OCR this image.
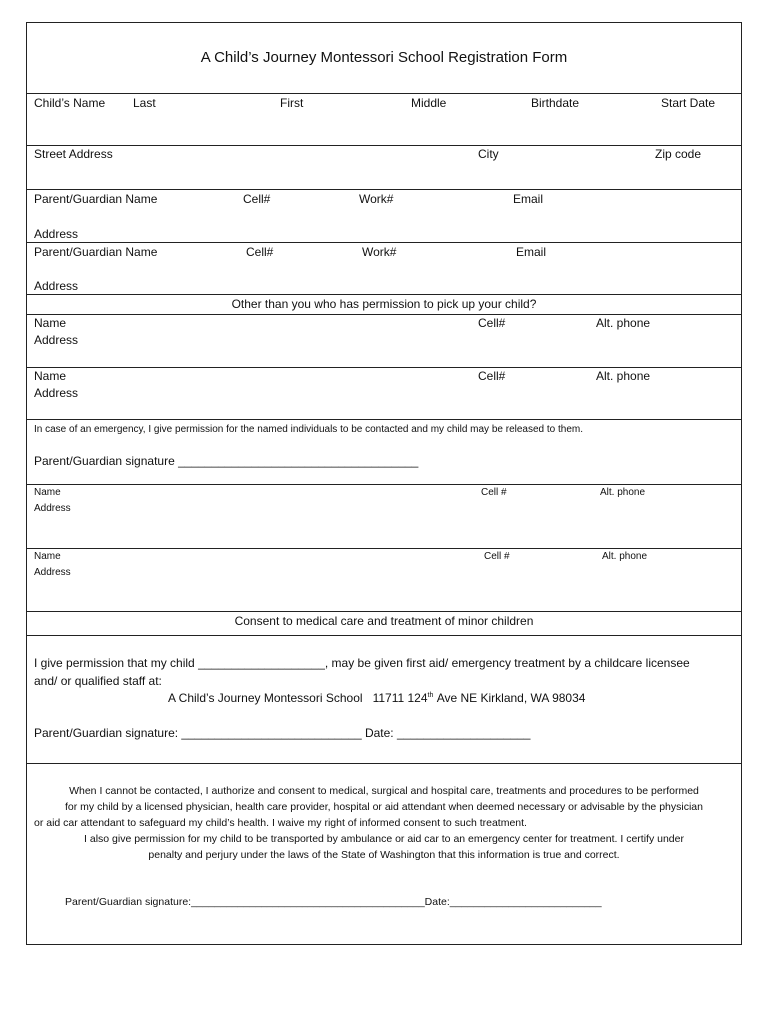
A Child’s Journey Montessori School Registration Form
Child’s Name Last	First	Middle	Birthdate	Start Date
Street Address	City	Zip code
Parent/Guardian Name	Cell#	Work#	Email
Address
Parent/Guardian Name	Cell#	Work#	Email
Address
Other than you who has permission to pick up your child?
Name	Cell#	Alt. phone
Address
Name	Cell#	Alt. phone
Address
In case of an emergency, I give permission for the named individuals to be contacted and my child may be released to them.
Parent/Guardian signature ____________________________________
Name	Cell #	Alt. phone
Address
Name	Cell #	Alt. phone
Address
Consent to medical care and treatment of minor children
I give permission that my child ___________________, may be given first aid/ emergency treatment by a childcare licensee
and/ or qualified staff at:
A Child’s Journey Montessori School 11711 124th Ave NE Kirkland, WA 98034
Parent/Guardian signature: ___________________________ Date: ____________________
When I cannot be contacted, I authorize and consent to medical, surgical and hospital care, treatments and procedures to be performed
for my child by a licensed physician, health care provider, hospital or aid attendant when deemed necessary or advisable by the physician
or aid car attendant to safeguard my child’s health. I waive my right of informed consent to such treatment.
I also give permission for my child to be transported by ambulance or aid car to an emergency center for treatment. I certify under
penalty and perjury under the laws of the State of Washington that this information is true and correct.
Parent/Guardian signature:________________________________________Date:__________________________
